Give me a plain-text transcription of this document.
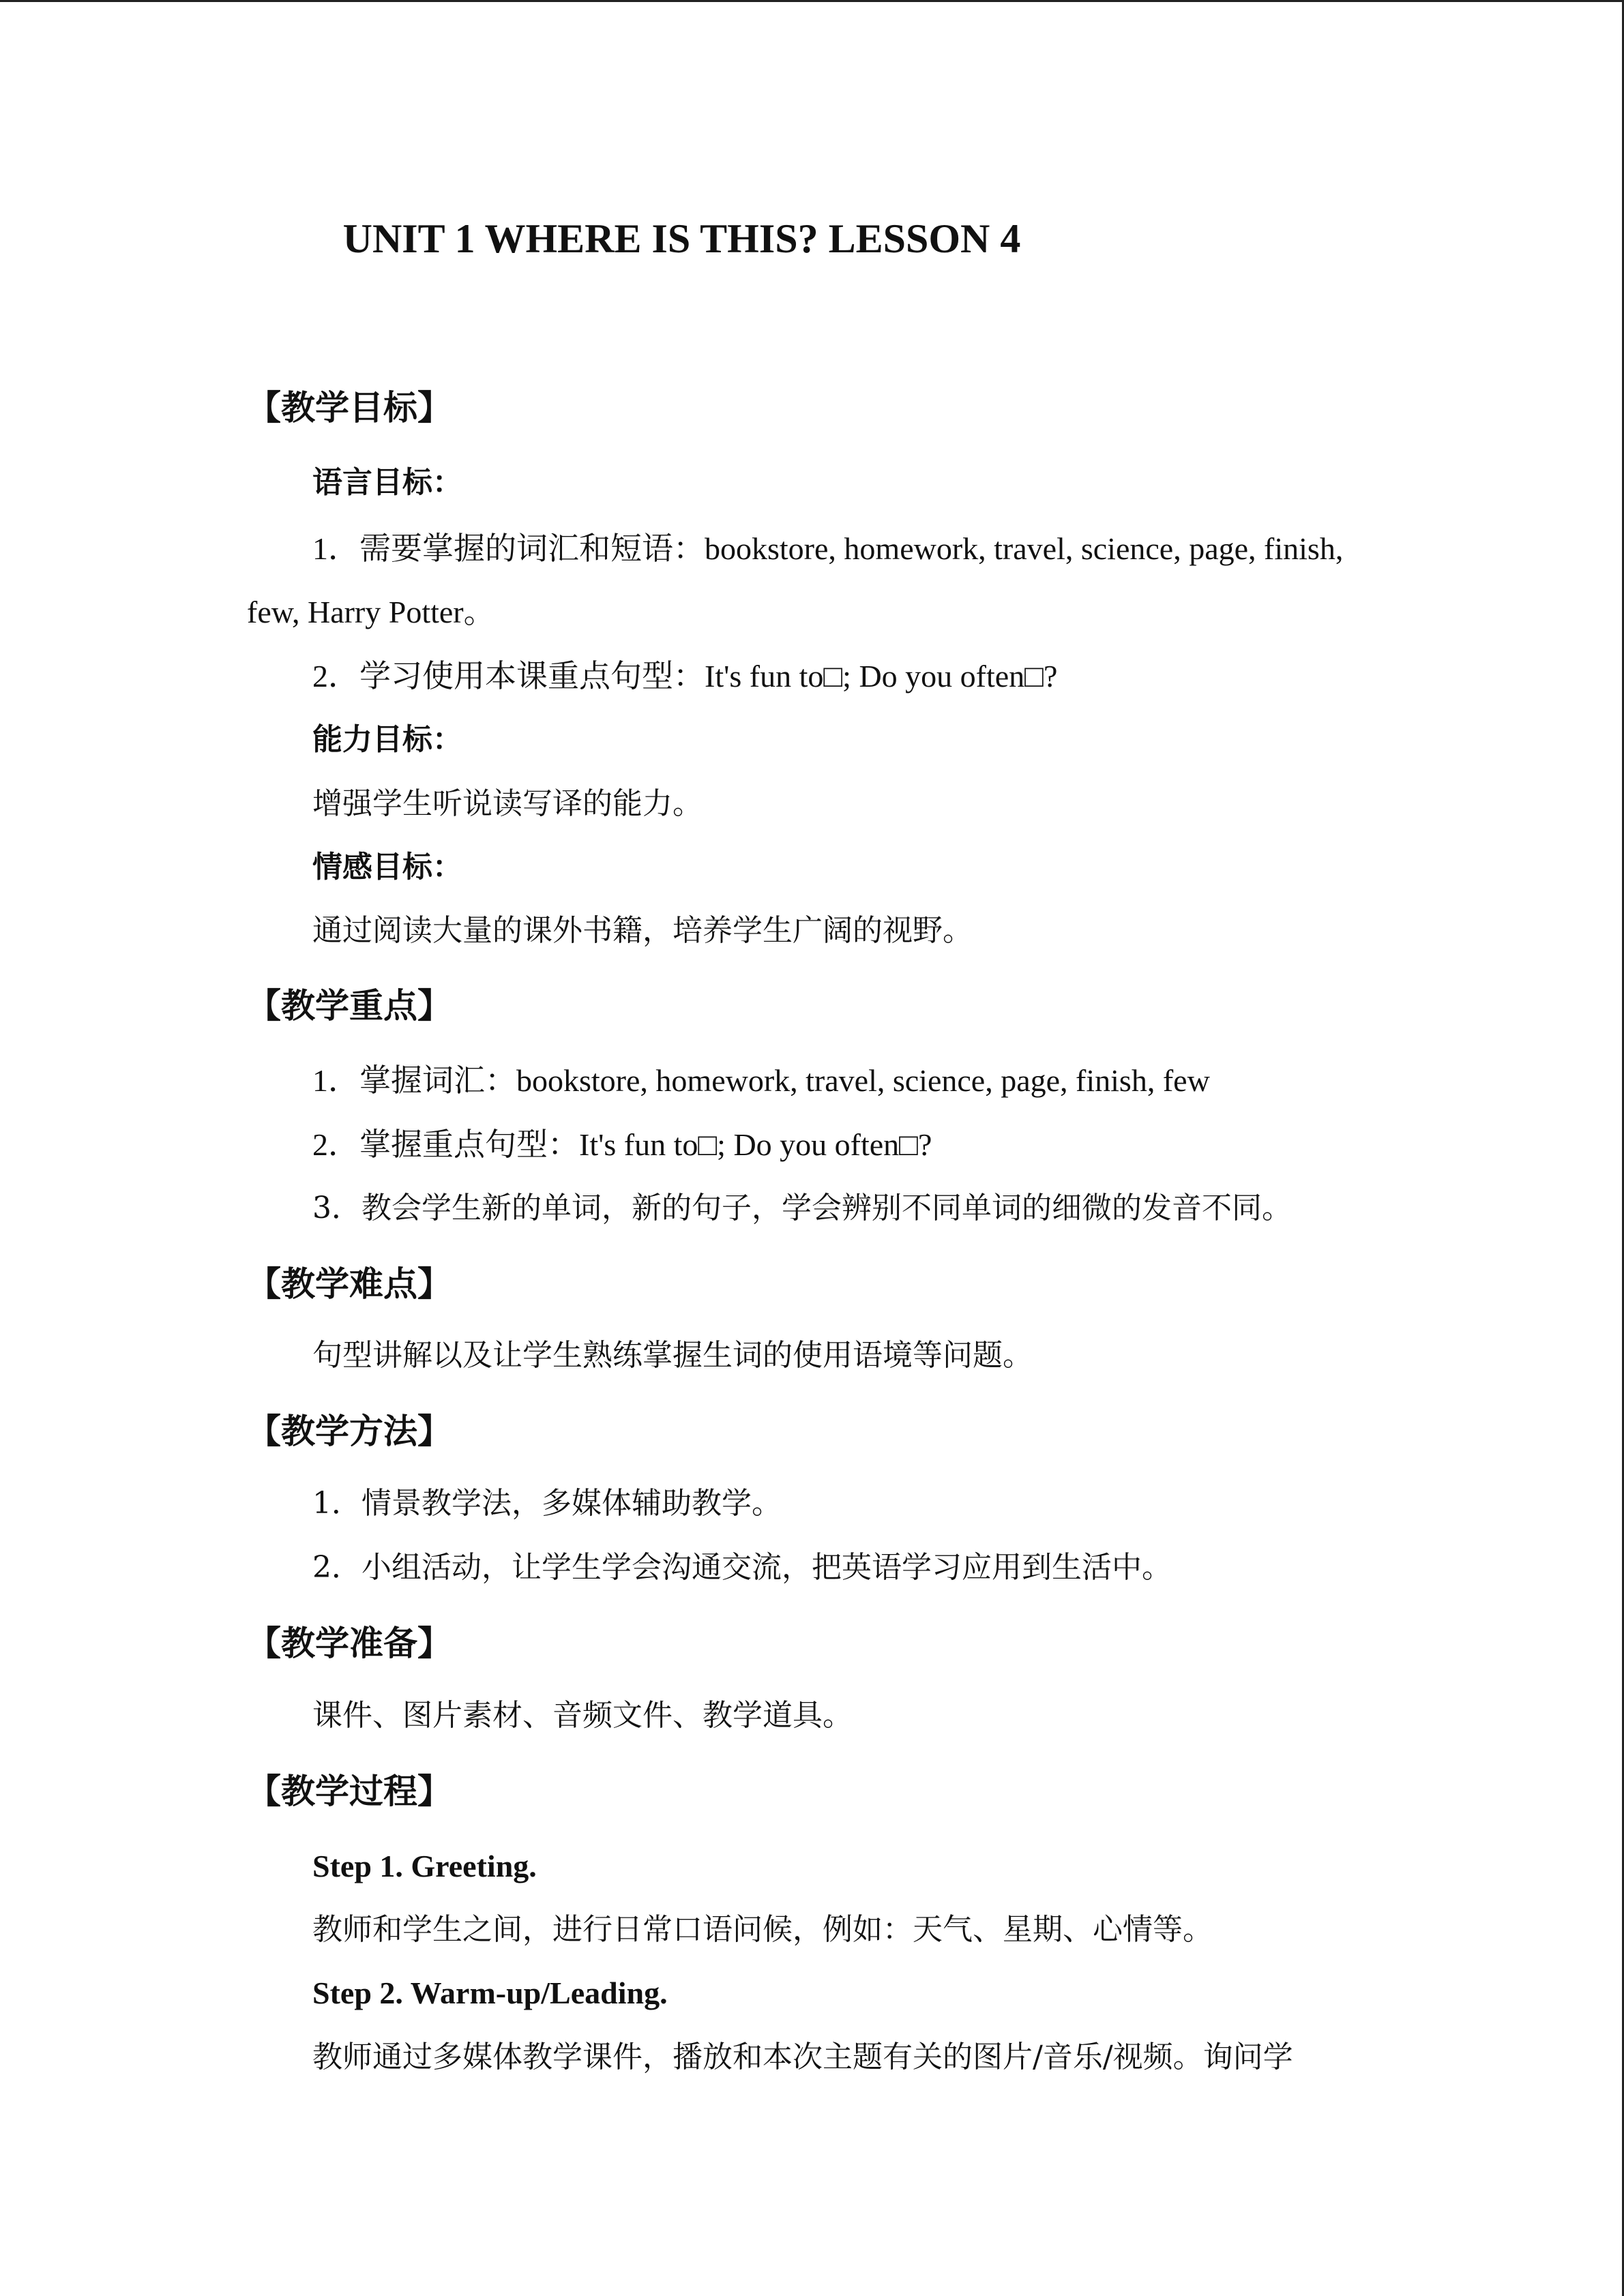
UNIT 1 WHERE IS THIS? LESSON 4
【教学目标】
语言目标：
1．需要掌握的词汇和短语：bookstore, homework, travel, science, page, finish,
few, Harry Potter。
2．学习使用本课重点句型：It's fun to□; Do you often□?
能力目标：
增强学生听说读写译的能力。
情感目标：
通过阅读大量的课外书籍，培养学生广阔的视野。
【教学重点】
1．掌握词汇：bookstore, homework, travel, science, page, finish, few
2．掌握重点句型：It's fun to□; Do you often□?
3．教会学生新的单词，新的句子，学会辨别不同单词的细微的发音不同。
【教学难点】
句型讲解以及让学生熟练掌握生词的使用语境等问题。
【教学方法】
1．情景教学法，多媒体辅助教学。
2．小组活动，让学生学会沟通交流，把英语学习应用到生活中。
【教学准备】
课件、图片素材、音频文件、教学道具。
【教学过程】
Step 1. Greeting.
教师和学生之间，进行日常口语问候，例如：天气、星期、心情等。
Step 2. Warm-up/Leading.
教师通过多媒体教学课件，播放和本次主题有关的图片/音乐/视频。询问学
